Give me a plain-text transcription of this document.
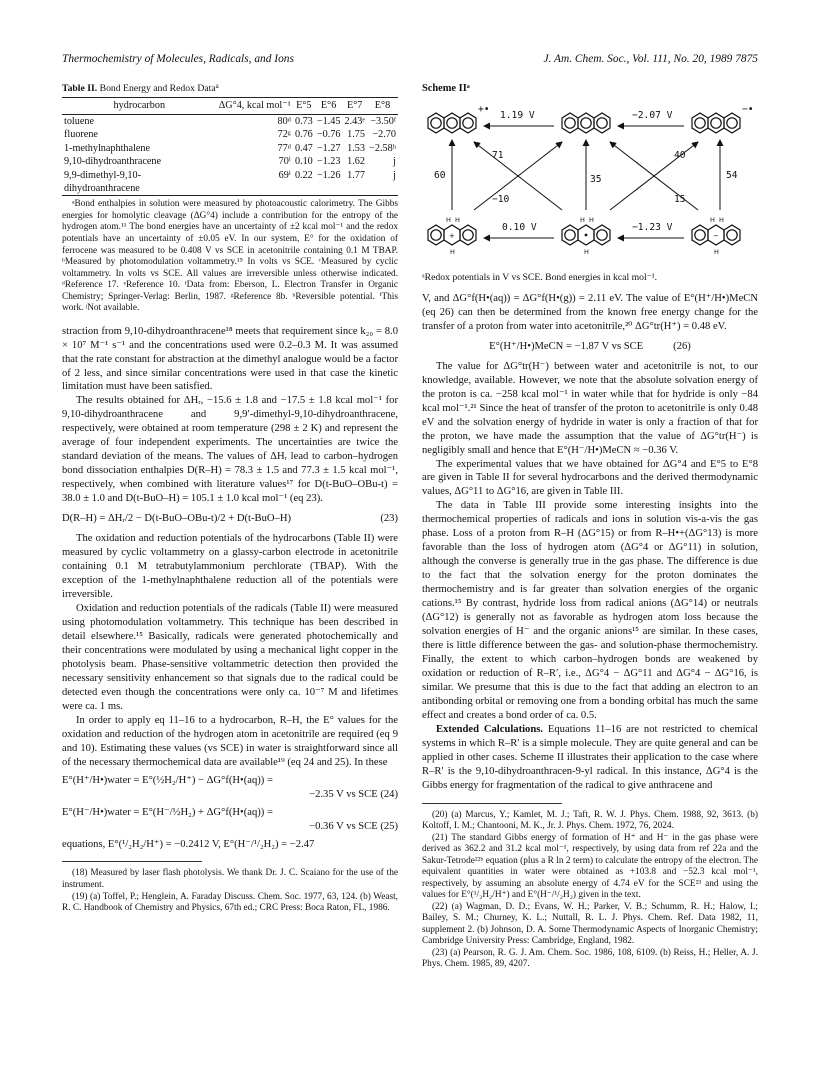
Thermochemistry of Molecules, Radicals, and Ions	J. Am. Chem. Soc., Vol. 111, No. 20, 1989 7875
Table II. Bond Energy and Redox Data$^a$
hydrocarbon	ΔG°4, kcal mol⁻¹	E°5	E°6	E°7	E°8
toluene	80ᵈ	0.73	−1.45	2.43ᵉ	−3.50ᶠ
fluorene	72ᵍ	0.76	−0.76	1.75	−2.70
1-methylnaphthalene	77ᵈ	0.47	−1.27	1.53	−2.58ʰ
9,10-dihydroanthracene	70ⁱ	0.10	−1.23	1.62	j
9,9-dimethyl-9,10-dihydroanthracene	69ⁱ	0.22	−1.26	1.77	j

ᵃBond enthalpies in solution were measured by photoacoustic calorimetry. The Gibbs energies for homolytic cleavage (ΔG°4) include a contribution for the entropy of the hydrogen atom.¹¹ The bond energies have an uncertainty of ±2 kcal mol⁻¹ and the redox potentials have an uncertainty of ±0.05 eV. In our system, E° for the oxidation of ferrocene was measured to be 0.408 V vs SCE in acetonitrile containing 0.1 M TBAP. ᵇMeasured by photomodulation voltammetry.¹⁵ In volts vs SCE. ᶜMeasured by cyclic voltammetry. In volts vs SCE. All values are irreversible unless otherwise indicated. ᵈReference 17. ᵉReference 10. ᶠData from: Eberson, L. Electron Transfer in Organic Chemistry; Springer-Verlag: Berlin, 1987. ᵍReference 8b. ʰReversible potential. ⁱThis work. ʲNot available.

straction from 9,10-dihydroanthracene¹⁸ meets that requirement since k₂₀ = 8.0 × 10⁷ M⁻¹ s⁻¹ and the concentrations used were 0.2–0.3 M. It was assumed that the rate constant for abstraction at the dimethyl analogue would be a factor of 2 less, and since similar concentrations were used in that case the kinetic limitation must have been satisfied.

The results obtained for ΔHᵣ, −15.6 ± 1.8 and −17.5 ± 1.8 kcal mol⁻¹ for 9,10-dihydroanthracene and 9,9′-dimethyl-9,10-dihydroanthracene, respectively, were obtained at room temperature (298 ± 2 K) and represent the average of four independent experiments. The uncertainties are twice the standard deviation of the means. The values of ΔHᵣ lead to carbon–hydrogen bond dissociation enthalpies D(R–H) = 78.3 ± 1.5 and 77.3 ± 1.5 kcal mol⁻¹, respectively, when combined with literature values¹⁷ for D(t-BuO–OBu-t) = 38.0 ± 1.0 and D(t-BuO–H) = 105.1 ± 1.0 kcal mol⁻¹ (eq 23).

D(R–H) = ΔHᵣ/2 − D(t-BuO–OBu-t)/2 + D(t-BuO–H)	(23)

The oxidation and reduction potentials of the hydrocarbons (Table II) were measured by cyclic voltammetry on a glassy-carbon electrode in acetonitrile containing 0.1 M tetrabutylammonium perchlorate (TBAP). With the exception of the 1-methylnaphthalene reduction all of the potentials were irreversible.

Oxidation and reduction potentials of the radicals (Table II) were measured using photomodulation voltammetry. This technique has been described in detail elsewhere.¹⁵ Basically, radicals were generated photochemically and their concentrations were modulated by using a mechanical light copper in the photolysis beam. Phase-sensitive voltammetric detection then provided the necessary sensitivity enhancement so that signals due to the radical could be detected even though the concentrations were only ca. 10⁻⁷ M and lifetimes were ca. 1 ms.

In order to apply eq 11–16 to a hydrocarbon, R–H, the E° values for the oxidation and reduction of the hydrogen atom in acetonitrile are required (eq 9 and 10). Estimating these values (vs SCE) in water is straightforward since all of the necessary thermochemical data are available¹⁹ (eq 24 and 25). In these

E°(H⁺/H•)water = E°(½H₂/H⁺) − ΔG°f(H•(aq)) =
−2.35 V vs SCE (24)
E°(H⁻/H•)water = E°(H⁻/½H₂) + ΔG°f(H•(aq)) =
−0.36 V vs SCE (25)

equations, E°(¹/₂H₂/H⁺) = −0.2412 V, E°(H⁻/¹/₂H₂) = −2.47

(18) Measured by laser flash photolysis. We thank Dr. J. C. Scaiano for the use of the instrument.

(19) (a) Toffel, P.; Henglein, A. Faraday Discuss. Chem. Soc. 1977, 63, 124. (b) Weast, R. C. Handbook of Chemistry and Physics, 67th ed.; CRC Press: Boca Raton, FL, 1986.

Scheme IIᵃ
H H
H
H H
H
H H
H
+	−
1.19 V	−2.07 V
0.10 V	−1.23 V
+•	−•
60
71
−10
35
40
15
54
ᵃRedox potentials in V vs SCE. Bond energies in kcal mol⁻¹.

V, and ΔG°f(H•(aq)) = ΔG°f(H•(g)) = 2.11 eV. The value of E°(H⁺/H•)MeCN (eq 26) can then be determined from the known free energy change for the transfer of a proton from water into acetonitrile,²⁰ ΔG°tr(H⁺) = 0.48 eV.

E°(H⁺/H•)MeCN = −1.87 V vs SCE	(26)

The value for ΔG°tr(H⁻) between water and acetonitrile is not, to our knowledge, available. However, we note that the absolute solvation energy of the proton is ca. −258 kcal mol⁻¹ in water while that for hydride is only −84 kcal mol⁻¹.²¹ Since the heat of transfer of the proton to acetonitrile is only 0.48 eV and the solvation energy of hydride in water is only a fraction of that for the proton, we have made the assumption that the value of ΔG°tr(H⁻) is negligibly small and hence that E°(H⁻/H•)MeCN ≈ −0.36 V.

The experimental values that we have obtained for ΔG°4 and E°5 to E°8 are given in Table II for several hydrocarbons and the derived thermodynamic values, ΔG°11 to ΔG°16, are given in Table III.

The data in Table III provide some interesting insights into the thermochemical properties of radicals and ions in solution vis-a-vis the gas phase. Loss of a proton from R–H (ΔG°15) or from R–H•+(ΔG°13) is more favorable than the loss of hydrogen atom (ΔG°4 or ΔG°11) in solution, although the converse is generally true in the gas phase. The difference is due to the fact that the solvation energy for the proton dominates the thermochemistry and is far greater than solvation energies of the organic cations.¹⁵ By contrast, hydride loss from radical anions (ΔG°14) or neutrals (ΔG°12) is generally not as favorable as hydrogen atom loss because the solvation energies of H⁻ and the organic anions¹⁵ are similar. In these cases, there is little difference between the gas- and solution-phase thermochemistry. Finally, the extent to which carbon–hydrogen bonds are weakened by oxidation or reduction of R–R′, i.e., ΔG°4 − ΔG°11 and ΔG°4 − ΔG°16, is similar. We presume that this is due to the fact that adding an electron to an antibonding orbital or removing one from a bonding orbital has much the same effect and creates a bond order of ca. 0.5.

Extended Calculations. Equations 11–16 are not restricted to chemical systems in which R–R′ is a simple molecule. They are quite general and can be applied in other cases. Scheme II illustrates their application to the case where R–R′ is the 9,10-dihydroanthracen-9-yl radical. In this instance, ΔG°4 is the Gibbs energy for fragmentation of the radical to give anthracene and

(20) (a) Marcus, Y.; Kamlet, M. J.; Taft, R. W. J. Phys. Chem. 1988, 92, 3613. (b) Koltoff, I. M.; Chantooni, M. K., Jr. J. Phys. Chem. 1972, 76, 2024.

(21) The standard Gibbs energy of formation of H⁺ and H⁻ in the gas phase were derived as 362.2 and 31.2 kcal mol⁻¹, respectively, by using data from ref 22a and the Sakur-Tetrode²²ᵇ equation (plus a R ln 2 term) to calculate the entropy of the electron. The equivalent quantities in water were obtained as +103.8 and −52.3 kcal mol⁻¹, respectively, by assuming an absolute energy of 4.74 eV for the SCE²³ and using the values for E°(¹/₂H₂/H⁺) and E°(H⁻/¹/₂H₂) given in the text.

(22) (a) Wagman, D. D.; Evans, W. H.; Parker, V. B.; Schumm, R. H.; Halow, I.; Bailey, S. M.; Churney, K. L.; Nuttall, R. L. J. Phys. Chem. Ref. Data 1982, 11, supplement 2. (b) Johnson, D. A. Some Thermodynamic Aspects of Inorganic Chemistry; Cambridge University Press: Cambridge, England, 1982.

(23) (a) Pearson, R. G. J. Am. Chem. Soc. 1986, 108, 6109. (b) Reiss, H.; Heller, A. J. Phys. Chem. 1985, 89, 4207.
